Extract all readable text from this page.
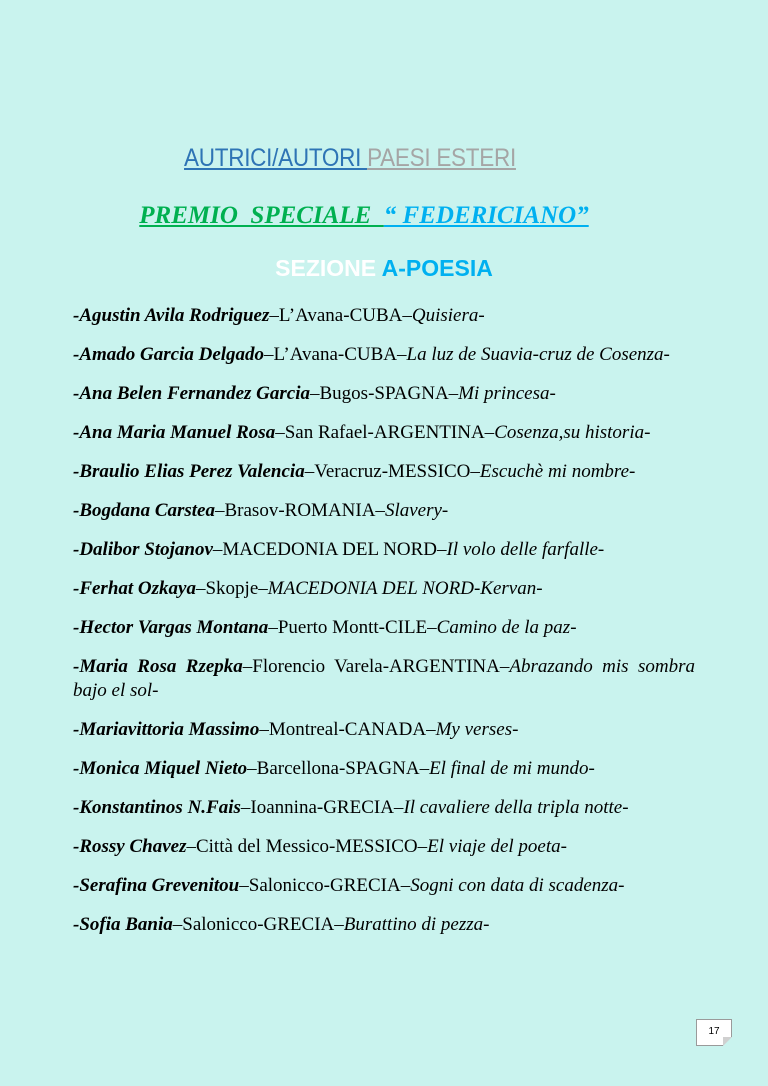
AUTRICI/AUTORI PAESI ESTERI
PREMIO  SPECIALE  “ FEDERICIANO”
SEZIONE A-POESIA

-Agustin Avila Rodriguez–L’Avana-CUBA–Quisiera-

-Amado Garcia Delgado–L’Avana-CUBA–La luz de Suavia-cruz de Cosenza-

-Ana Belen Fernandez Garcia–Bugos-SPAGNA–Mi princesa-

-Ana Maria Manuel Rosa–San Rafael-ARGENTINA–Cosenza,su historia-

-Braulio Elias Perez Valencia–Veracruz-MESSICO–Escuchè mi nombre-

-Bogdana Carstea–Brasov-ROMANIA–Slavery-

-Dalibor Stojanov–MACEDONIA DEL NORD–Il volo delle farfalle-

-Ferhat Ozkaya–Skopje–MACEDONIA DEL NORD-Kervan-

-Hector Vargas Montana–Puerto Montt-CILE–Camino de la paz-

-Maria Rosa Rzepka–Florencio Varela-ARGENTINA–Abrazando mis sombra bajo el sol-

-Mariavittoria Massimo–Montreal-CANADA–My verses-

-Monica Miquel Nieto–Barcellona-SPAGNA–El final de mi mundo-

-Konstantinos N.Fais–Ioannina-GRECIA–Il cavaliere della tripla notte-

-Rossy Chavez–Città del Messico-MESSICO–El viaje del poeta-

-Serafina Grevenitou–Salonicco-GRECIA–Sogni con data di scadenza-

-Sofia Bania–Salonicco-GRECIA–Burattino di pezza-

17
